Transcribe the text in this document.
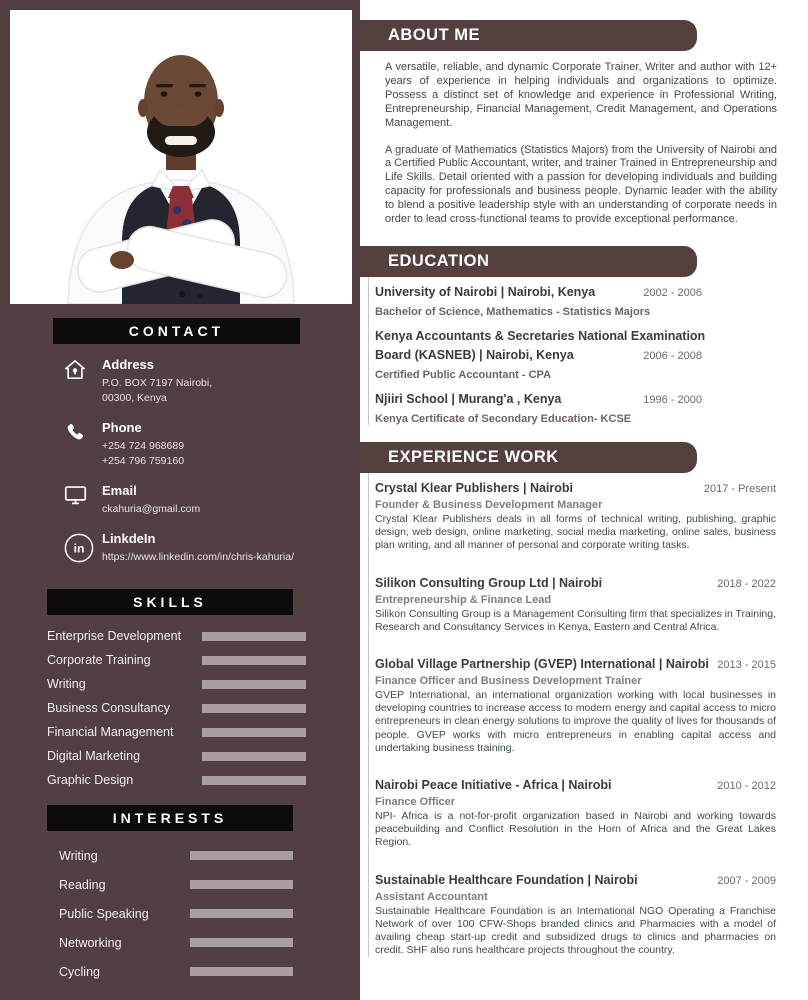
CONTACT
Address
P.O. BOX 7197 Nairobi,
00300, Kenya
Phone
+254 724 968689
+254 796 759160
Email
ckahuria@gmail.com
in
LinkdeIn
https://www.linkedin.com/in/chris-kahuria/
SKILLS
Enterprise Development
Corporate Training
Writing
Business Consultancy
Financial Management
Digital Marketing
Graphic Design
INTERESTS
Writing
Reading
Public Speaking
Networking
Cycling
ABOUT ME

A versatile, reliable, and dynamic Corporate Trainer, Writer and author with 12+ years of experience in helping individuals and organizations to optimize. Possess a distinct set of knowledge and experience in Professional Writing, Entrepreneurship, Financial Management, Credit Management, and Operations Management.

A graduate of Mathematics (Statistics Majors) from the University of Nairobi and a Certified Public Accountant, writer, and trainer Trained in Entrepreneurship and Life Skills. Detail oriented with a passion for developing individuals and building capacity for professionals and business people. Dynamic leader with the ability to blend a positive leadership style with an understanding of corporate needs in order to lead cross-functional teams to provide exceptional performance.

EDUCATION
University of Nairobi | Nairobi, Kenya	2002 - 2006
Bachelor of Science, Mathematics - Statistics Majors
Kenya Accountants & Secretaries National Examination Board (KASNEB) | Nairobi, Kenya	2006 - 2008
Certified Public Accountant - CPA
Njiiri School | Murang'a , Kenya	1996 - 2000
Kenya Certificate of Secondary Education- KCSE
EXPERIENCE WORK
Crystal Klear Publishers | Nairobi	2017 - Present
Founder & Business Development Manager
Crystal Klear Publishers deals in all forms of technical writing, publishing, graphic design, web design, online marketing, social media marketing, online sales, business plan writing, and all manner of personal and corporate writing tasks.
Silikon Consulting Group Ltd | Nairobi	2018 - 2022
Entrepreneurship & Finance Lead
Silikon Consulting Group is a Management Consulting firm that specializes in Training, Research and Consultancy Services in Kenya, Eastern and Central Africa.
Global Village Partnership (GVEP) International | Nairobi 2013 - 2015
Finance Officer and Business Development Trainer
GVEP International, an international organization working with local businesses in developing countries to increase access to modern energy and capital access to micro entrepreneurs in clean energy solutions to improve the quality of lives for thousands of people. GVEP works with micro entrepreneurs in enabling capital access and undertaking business training.
Nairobi Peace Initiative - Africa | Nairobi	2010 - 2012
Finance Officer
NPI- Africa is a not-for-profit organization based in Nairobi and working towards peacebuilding and Conflict Resolution in the Horn of Africa and the Great Lakes Region.
Sustainable Healthcare Foundation | Nairobi	2007 - 2009
Assistant Accountant
Sustainable Healthcare Foundation is an International NGO Operating a Franchise Network of over 100 CFW-Shops branded clinics and Pharmacies with a model of availing cheap start-up credit and subsidized drugs to clinics and pharmacies on credit. SHF also runs healthcare projects throughout the country.
